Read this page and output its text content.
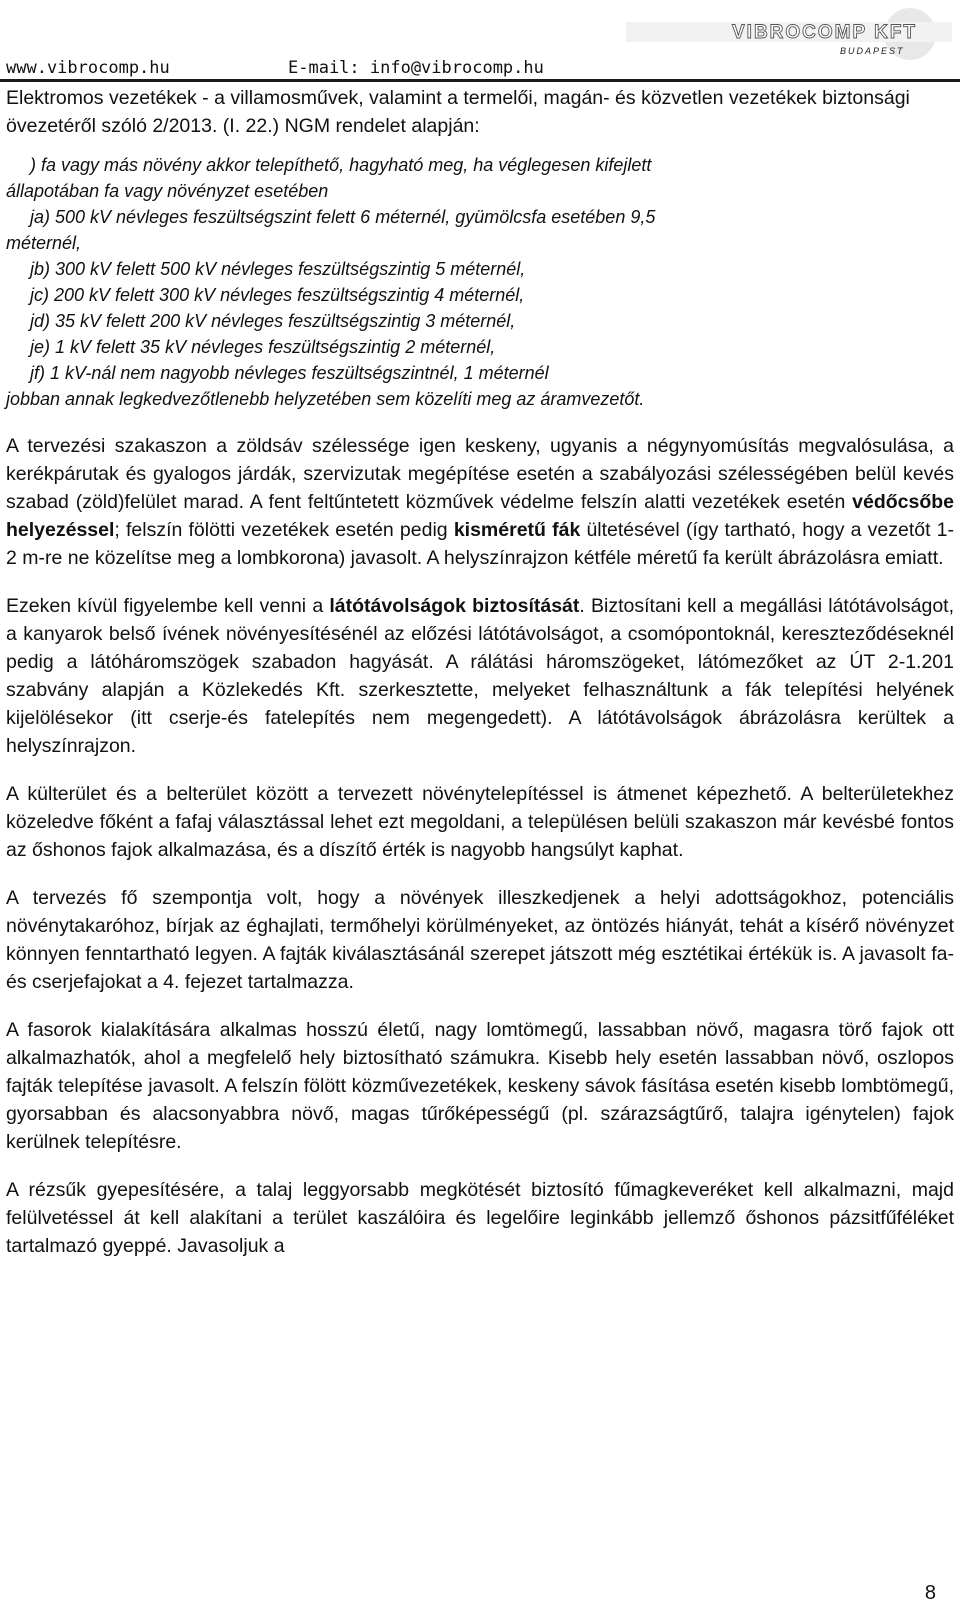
VIBROCOMP KFT
BUDAPEST
www.vibrocomp.hu	E-mail: info@vibrocomp.hu

Elektromos vezetékek - a villamosművek, valamint a termelői, magán- és közvetlen vezetékek biztonsági övezetéről szóló 2/2013. (I. 22.) NGM rendelet alapján:

) fa vagy más növény akkor telepíthető, hagyható meg, ha véglegesen kifejlett
állapotában fa vagy növényzet esetében
ja) 500 kV névleges feszültségszint felett 6 méternél, gyümölcsfa esetében 9,5
méternél,
jb) 300 kV felett 500 kV névleges feszültségszintig 5 méternél,
jc) 200 kV felett 300 kV névleges feszültségszintig 4 méternél,
jd) 35 kV felett 200 kV névleges feszültségszintig 3 méternél,
je) 1 kV felett 35 kV névleges feszültségszintig 2 méternél,
jf) 1 kV-nál nem nagyobb névleges feszültségszintnél, 1 méternél
jobban annak legkedvezőtlenebb helyzetében sem közelíti meg az áramvezetőt.

A tervezési szakaszon a zöldsáv szélessége igen keskeny, ugyanis a négynyomúsítás megvalósulása, a kerékpárutak és gyalogos járdák, szervizutak megépítése esetén a szabályozási szélességében belül kevés szabad (zöld)felület marad. A fent feltűntetett közművek védelme felszín alatti vezetékek esetén védőcsőbe helyezéssel; felszín fölötti vezetékek esetén pedig kisméretű fák ültetésével (így tartható, hogy a vezetőt 1-2 m-re ne közelítse meg a lombkorona) javasolt. A helyszínrajzon kétféle méretű fa került ábrázolásra emiatt.

Ezeken kívül figyelembe kell venni a látótávolságok biztosítását. Biztosítani kell a megállási látótávolságot, a kanyarok belső ívének növényesítésénél az előzési látótávolságot, a csomópontoknál, kereszteződéseknél pedig a látóháromszögek szabadon hagyását. A rálátási háromszögeket, látómezőket az ÚT 2-1.201 szabvány alapján a Közlekedés Kft. szerkesztette, melyeket felhasználtunk a fák telepítési helyének kijelölésekor (itt cserje-és fatelepítés nem megengedett). A látótávolságok ábrázolásra kerültek a helyszínrajzon.

A külterület és a belterület között a tervezett növénytelepítéssel is átmenet képezhető. A belterületekhez közeledve főként a fafaj választással lehet ezt megoldani, a településen belüli szakaszon már kevésbé fontos az őshonos fajok alkalmazása, és a díszítő érték is nagyobb hangsúlyt kaphat.

A tervezés fő szempontja volt, hogy a növények illeszkedjenek a helyi adottságokhoz, potenciális növénytakaróhoz, bírjak az éghajlati, termőhelyi körülményeket, az öntözés hiányát, tehát a kísérő növényzet könnyen fenntartható legyen. A fajták kiválasztásánál szerepet játszott még esztétikai értékük is. A javasolt fa-és cserjefajokat a 4. fejezet tartalmazza.

A fasorok kialakítására alkalmas hosszú életű, nagy lomtömegű, lassabban növő, magasra törő fajok ott alkalmazhatók, ahol a megfelelő hely biztosítható számukra. Kisebb hely esetén lassabban növő, oszlopos fajták telepítése javasolt. A felszín fölött közművezetékek, keskeny sávok fásítása esetén kisebb lombtömegű, gyorsabban és alacsonyabbra növő, magas tűrőképességű (pl. szárazságtűrő, talajra igénytelen) fajok kerülnek telepítésre.

A rézsűk gyepesítésére, a talaj leggyorsabb megkötését biztosító fűmagkeveréket kell alkalmazni, majd felülvetéssel át kell alakítani a terület kaszálóira és legelőire leginkább jellemző őshonos pázsitfűféléket tartalmazó gyeppé. Javasoljuk a

8
